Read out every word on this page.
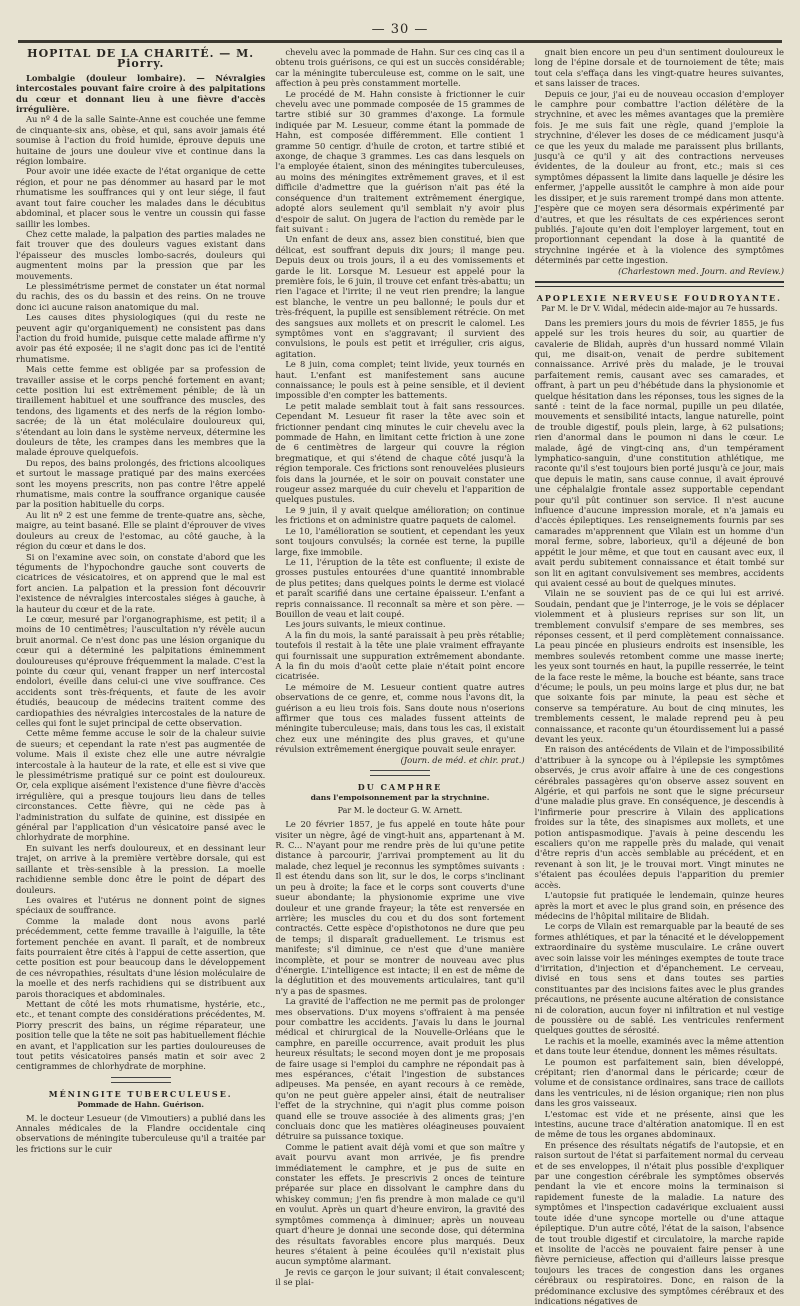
— 30 —
HOPITAL DE LA CHARITÉ. — M. Piorry.

Lombalgie (douleur lombaire). — Névralgies intercostales pouvant faire croire à des palpitations du cœur et donnant lieu à une fièvre d'accès irrégulière.

Au nº 4 de la salle Sainte-Anne est couchée une femme de cinquante-six ans, obèse, et qui, sans avoir jamais été soumise à l'action du froid humide, éprouve depuis une huitaine de jours une douleur vive et continue dans la région lombaire.

Pour avoir une idée exacte de l'état organique de cette région, et pour ne pas dénommer au hasard par le mot rhumatisme les souffrances qui y ont leur siége, il faut avant tout faire coucher les malades dans le décubitus abdominal, et placer sous le ventre un coussin qui fasse saillir les lombes.

Chez cette malade, la palpation des parties malades ne fait trouver que des douleurs vagues existant dans l'épaisseur des muscles lombo-sacrés, douleurs qui augmentent moins par la pression que par les mouvements.

Le plessimétrisme permet de constater un état normal du rachis, des os du bassin et des reins. On ne trouve donc ici aucune raison anatomique du mal.

Les causes dites physiologiques (qui du reste ne peuvent agir qu'organiquement) ne consistent pas dans l'action du froid humide, puisque cette malade affirme n'y avoir pas été exposée; il ne s'agit donc pas ici de l'entité rhumatisme.

Mais cette femme est obligée par sa profession de travailler assise et le corps penché fortement en avant; cette position lui est extrêmement pénible; de là un tiraillement habituel et une souffrance des muscles, des tendons, des ligaments et des nerfs de la région lombo-sacrée; de là un état moléculaire douloureux qui, s'étendant au loin dans le système nerveux, détermine les douleurs de tête, les crampes dans les membres que la malade éprouve quelquefois.

Du repos, des bains prolongés, des frictions alcooliques et surtout le massage pratiqué par des mains exercées sont les moyens prescrits, non pas contre l'être appelé rhumatisme, mais contre la souffrance organique causée par la position habituelle du corps.

Au lit nº 2 est une femme de trente-quatre ans, sèche, maigre, au teint basané. Elle se plaint d'éprouver de vives douleurs au creux de l'estomac, au côté gauche, à la région du cœur et dans le dos.

Si on l'examine avec soin, on constate d'abord que les téguments de l'hypochondre gauche sont couverts de cicatrices de vésicatoires, et on apprend que le mal est fort ancien. La palpation et la pression font découvrir l'existence de névralgies intercostales siéges à gauche, à la hauteur du cœur et de la rate.

Le cœur, mesuré par l'organographisme, est petit; il a moins de 10 centimètres; l'auscultation n'y révèle aucun bruit anormal. Ce n'est donc pas une lésion organique du cœur qui a déterminé les palpitations éminemment douloureuses qu'éprouve fréquemment la malade. C'est la pointe du cœur qui, venant frapper un nerf intercostal endolori, éveille dans celui-ci une vive souffrance. Ces accidents sont très-fréquents, et faute de les avoir étudiés, beaucoup de médecins traitent comme des cardiopathies des névralgies intercostales de la nature de celles qui font le sujet principal de cette observation.

Cette même femme accuse le soir de la chaleur suivie de sueurs; et cependant la rate n'est pas augmentée de volume. Mais il existe chez elle une autre névralgie intercostale à la hauteur de la rate, et elle est si vive que le plessimétrisme pratiqué sur ce point est douloureux. Or, cela explique aisément l'existence d'une fièvre d'accès irrégulière, qui a presque toujours lieu dans de telles circonstances. Cette fièvre, qui ne cède pas à l'administration du sulfate de quinine, est dissipée en général par l'application d'un vésicatoire pansé avec le chlorhydrate de morphine.

En suivant les nerfs douloureux, et en dessinant leur trajet, on arrive à la première vertèbre dorsale, qui est saillante et très-sensible à la pression. La moelle rachidienne semble donc être le point de départ des douleurs.

Les ovaires et l'utérus ne donnent point de signes spéciaux de souffrance.

Comme la malade dont nous avons parlé précédemment, cette femme travaille à l'aiguille, la tête fortement penchée en avant. Il paraît, et de nombreux faits pourraient être cités à l'appui de cette assertion, que cette position est pour beaucoup dans le développement de ces névropathies, résultats d'une lésion moléculaire de la moelle et des nerfs rachidiens qui se distribuent aux parois thoraciques et abdominales.

Mettant de côté les mots rhumatisme, hystérie, etc., etc., et tenant compte des considérations précédentes, M. Piorry prescrit des bains, un régime réparateur, une position telle que la tête ne soit pas habituellement fléchie en avant, et l'application sur les parties douloureuses de tout petits vésicatoires pansés matin et soir avec 2 centigrammes de chlorhydrate de morphine.

MÉNINGITE TUBERCULEUSE.
Pommade de Hahn. Guérison.

M. le docteur Lesueur (de Vimoutiers) a publié dans les Annales médicales de la Flandre occidentale cinq observations de méningite tuberculeuse qu'il a traitée par les frictions sur le cuir

chevelu avec la pommade de Hahn. Sur ces cinq cas il a obtenu trois guérisons, ce qui est un succès considérable; car la méningite tuberculeuse est, comme on le sait, une affection à peu près constamment mortelle.

Le procédé de M. Hahn consiste à frictionner le cuir chevelu avec une pommade composée de 15 grammes de tartre stibié sur 30 grammes d'axonge. La formule indiquée par M. Lesueur, comme étant la pommade de Hahn, est composée différemment. Elle contient 1 gramme 50 centigr. d'huile de croton, et tartre stibié et axonge, de chaque 3 grammes. Les cas dans lesquels on l'a employée étaient, sinon des méningites tuberculeuses, au moins des méningites extrêmement graves, et il est difficile d'admettre que la guérison n'ait pas été la conséquence d'un traitement extrêmement énergique, adopté alors seulement qu'il semblait n'y avoir plus d'espoir de salut. On jugera de l'action du remède par le fait suivant :

Un enfant de deux ans, assez bien constitué, bien que délicat, est souffrant depuis dix jours; il mange peu. Depuis deux ou trois jours, il a eu des vomissements et garde le lit. Lorsque M. Lesueur est appelé pour la première fois, le 6 juin, il trouve cet enfant très-abattu; un rien l'agace et l'irrite; il ne veut rien prendre; la langue est blanche, le ventre un peu ballonné; le pouls dur et très-fréquent, la pupille est sensiblement rétrécie. On met des sangsues aux mollets et on prescrit le calomel. Les symptômes vont en s'aggravant; il survient des convulsions, le pouls est petit et irrégulier, cris aigus, agitation.

Le 8 juin, coma complet; teint livide, yeux tournés en haut. L'enfant est manifestement sans aucune connaissance; le pouls est à peine sensible, et il devient impossible d'en compter les battements.

Le petit malade semblait tout à fait sans ressources. Cependant M. Lesueur fit raser la tête avec soin et frictionner pendant cinq minutes le cuir chevelu avec la pommade de Hahn, en limitant cette friction à une zone de 6 centimètres de largeur qui couvre la région bregmatique, et qui s'étend de chaque côté jusqu'à la région temporale. Ces frictions sont renouvelées plusieurs fois dans la journée, et le soir on pouvait constater une rougeur assez marquée du cuir chevelu et l'apparition de quelques pustules.

Le 9 juin, il y avait quelque amélioration; on continue les frictions et on administre quatre paquets de calomel.

Le 10, l'amélioration se soutient, et cependant les yeux sont toujours convulsés; la cornée est terne, la pupille large, fixe immobile.

Le 11, l'éruption de la tête est confluente; il existe de grosses pustules entourées d'une quantité innombrable de plus petites; dans quelques points le derme est violacé et paraît scarifié dans une certaine épaisseur. L'enfant a repris connaissance. Il reconnaît sa mère et son père. — Bouillon de veau et lait coupé.

Les jours suivants, le mieux continue.

A la fin du mois, la santé paraissait à peu près rétablie; toutefois il restait à la tête une plaie vraiment effrayante qui fournissait une suppuration extrêmement abondante. A la fin du mois d'août cette plaie n'était point encore cicatrisée.

Le mémoire de M. Lesueur contient quatre autres observations de ce genre, et, comme nous l'avons dit, la guérison a eu lieu trois fois. Sans doute nous n'oserions affirmer que tous ces malades fussent atteints de méningite tuberculeuse; mais, dans tous les cas, il existait chez eux une méningite des plus graves, et qu'une révulsion extrêmement énergique pouvait seule enrayer.

(Journ. de méd. et chir. prat.)

DU CAMPHRE
dans l'empoisonnement par la strychnine.
Par M. le docteur G. W. Arnett.

Le 20 février 1857, je fus appelé en toute hâte pour visiter un nègre, âgé de vingt-huit ans, appartenant à M. R. C... N'ayant pour me rendre près de lui qu'une petite distance à parcourir, j'arrivai promptement au lit du malade, chez lequel je reconnus les symptômes suivants : Il est étendu dans son lit, sur le dos, le corps s'inclinant un peu à droite; la face et le corps sont couverts d'une sueur abondante; la physionomie exprime une vive douleur et une grande frayeur; la tête est renversée en arrière; les muscles du cou et du dos sont fortement contractés. Cette espèce d'opisthotonos ne dure que peu de temps; il disparaît graduellement. Le trismus est manifeste; s'il diminue, ce n'est que d'une manière incomplète, et pour se montrer de nouveau avec plus d'énergie. L'intelligence est intacte; il en est de même de la déglutition et des mouvements articulaires, tant qu'il n'y a pas de spasmes.

La gravité de l'affection ne me permit pas de prolonger mes observations. D'ux moyens s'offraient à ma pensée pour combattre les accidents. J'avais lu dans le journal médical et chirurgical de la Nouvelle-Orléans que le camphre, en pareille occurrence, avait produit les plus heureux résultats; le second moyen dont je me proposais de faire usage si l'emploi du camphre ne répondait pas à mes espérances, c'était l'ingestion de substances adipeuses. Ma pensée, en ayant recours à ce remède, qu'on ne peut guère appeler ainsi, était de neutraliser l'effet de la strychnine, qui n'agit plus comme poison quand elle se trouve associée à des aliments gras; j'en concluais donc que les matières oléagineuses pouvaient détruire sa puissance toxique.

Comme le patient avait déjà vomi et que son maître y avait pourvu avant mon arrivée, je fis prendre immédiatement le camphre, et je pus de suite en constater les effets. Je prescrivis 2 onces de teinture préparée sur place en dissolvant le camphre dans du whiskey commun; j'en fis prendre à mon malade ce qu'il en voulut. Après un quart d'heure environ, la gravité des symptômes commença à diminuer; après un nouveau quart d'heure je donnai une seconde dose, qui détermina des résultats favorables encore plus marqués. Deux heures s'étaient à peine écoulées qu'il n'existait plus aucun symptôme alarmant.

Je revis ce garçon le jour suivant; il était convalescent; il se plai-

gnait bien encore un peu d'un sentiment douloureux le long de l'épine dorsale et de tournoiement de tête; mais tout cela s'effaça dans les vingt-quatre heures suivantes, et sans laisser de traces.

Depuis ce jour, j'ai eu de nouveau occasion d'employer le camphre pour combattre l'action délétère de la strychnine, et avec les mêmes avantages que la première fois. Je me suis fait une règle, quand j'emploie la strychnine, d'élever les doses de ce médicament jusqu'à ce que les yeux du malade me paraissent plus brillants, jusqu'à ce qu'il y ait des contractions nerveuses évidentes, de la douleur au front, etc.; mais si ces symptômes dépassent la limite dans laquelle je désire les enfermer, j'appelle aussitôt le camphre à mon aide pour les dissiper, et je suis rarement trompé dans mon attente. J'espère que ce moyen sera désormais expérimenté par d'autres, et que les résultats de ces expériences seront publiés. J'ajoute qu'en doit l'employer largement, tout en proportionnant cependant la dose à la quantité de strychnine ingérée et à la violence des symptômes déterminés par cette ingestion.

(Charlestown med. Journ. and Review.)

APOPLEXIE NERVEUSE FOUDROYANTE.
Par M. le Dr V. Widal, médecin aide-major au 7e hussards.

Dans les premiers jours du mois de février 1855, je fus appelé sur les trois heures du soir, au quartier de cavalerie de Blidah, auprès d'un hussard nommé Vilain qui, me disait-on, venait de perdre subitement connaissance. Arrivé près du malade, je le trouvai parfaitement remis, causant avec ses camarades, et offrant, à part un peu d'hébétude dans la physionomie et quelque hésitation dans les réponses, tous les signes de la santé : teint de la face normal, pupille un peu dilatée, mouvements et sensibilité intacts, langue naturelle, point de trouble digestif, pouls plein, large, à 62 pulsations; rien d'anormal dans le poumon ni dans le cœur. Le malade, âgé de vingt-cinq ans, d'un tempérament lymphatico-sanguin, d'une constitution athlétique, me raconte qu'il s'est toujours bien porté jusqu'à ce jour, mais que depuis le matin, sans cause connue, il avait éprouvé une céphalalgie frontale assez supportable cependant pour qu'il pût continuer son service. Il n'est aucune influence d'aucune impression morale, et n'a jamais eu d'accès épileptiques. Les renseignements fournis par ses camarades m'apprennent que Vilain est un homme d'un moral ferme, sobre, laborieux, qu'il a déjeuné de bon appétit le jour même, et que tout en causant avec eux, il avait perdu subitement connaissance et était tombé sur son lit en agitant convulsivement ses membres, accidents qui avaient cessé au bout de quelques minutes.

Vilain ne se souvient pas de ce qui lui est arrivé. Soudain, pendant que je l'interroge, je le vois se déplacer violemment et à plusieurs reprises sur son lit, un tremblement convulsif s'empare de ses membres, ses réponses cessent, et il perd complètement connaissance. La peau pincée en plusieurs endroits est insensible, les membres soulevés retombent comme une masse inerte; les yeux sont tournés en haut, la pupille resserrée, le teint de la face reste le même, la bouche est béante, sans trace d'écume; le pouls, un peu moins large et plus dur, ne bat que soixante fois par minute, la peau est sèche et conserve sa température. Au bout de cinq minutes, les tremblements cessent, le malade reprend peu à peu connaissance, et raconte qu'un étourdissement lui a passé devant les yeux.

En raison des antécédents de Vilain et de l'impossibilité d'attribuer à la syncope ou à l'épilepsie les symptômes observés, je crus avoir affaire à une de ces congestions cérébrales passagères qu'on observe assez souvent en Algérie, et qui parfois ne sont que le signe précurseur d'une maladie plus grave. En conséquence, je descendis à l'infirmerie pour prescrire à Vilain des applications froides sur la tête, des sinapismes aux mollets, et une potion antispasmodique. J'avais à peine descendu les escaliers qu'on me rappelle près du malade, qui venait d'être repris d'un accès semblable au précédent, et en revenant à son lit, je le trouvai mort. Vingt minutes ne s'étaient pas écoulées depuis l'apparition du premier accès.

L'autopsie fut pratiquée le lendemain, quinze heures après la mort et avec le plus grand soin, en présence des médecins de l'hôpital militaire de Blidah.

Le corps de Vilain est remarquable par la beauté de ses formes athlétiques, et par la ténacité et le développement extraordinaire du système musculaire. Le crâne ouvert avec soin laisse voir les méninges exemptes de toute trace d'irritation, d'injection et d'épanchement. Le cerveau, divisé en tous sens et dans toutes ses parties constituantes par des incisions faites avec le plus grandes précautions, ne présente aucune altération de consistance ni de coloration, aucun foyer ni infiltration et nul vestige de poussière ou de sablé. Les ventricules renferment quelques gouttes de sérosité.

Le rachis et la moelle, examinés avec la même attention et dans toute leur étendue, donnent les mêmes résultats.

Le poumon est parfaitement sain, bien développé, crépitant; rien d'anormal dans le péricarde; cœur de volume et de consistance ordinaires, sans trace de caillots dans les ventricules, ni de lésion organique; rien non plus dans les gros vaisseaux.

L'estomac est vide et ne présente, ainsi que les intestins, aucune trace d'altération anatomique. Il en est de même de tous les organes abdominaux.

En présence des résultats négatifs de l'autopsie, et en raison surtout de l'état si parfaitement normal du cerveau et de ses enveloppes, il n'était plus possible d'expliquer par une congestion cérébrale les symptômes observés pendant la vie et encore moins la terminaison si rapidement funeste de la maladie. La nature des symptômes et l'inspection cadavérique excluaient aussi toute idée d'une syncope mortelle ou d'une attaque épileptique. D'un autre côté, l'état de la saison, l'absence de tout trouble digestif et circulatoire, la marche rapide et insolite de l'accès ne pouvaient faire penser à une fièvre pernicieuse, affection qui d'ailleurs laisse presque toujours les traces de congestion dans les organes cérébraux ou respiratoires. Donc, en raison de la prédominance exclusive des symptômes cérébraux et des indications négatives de
